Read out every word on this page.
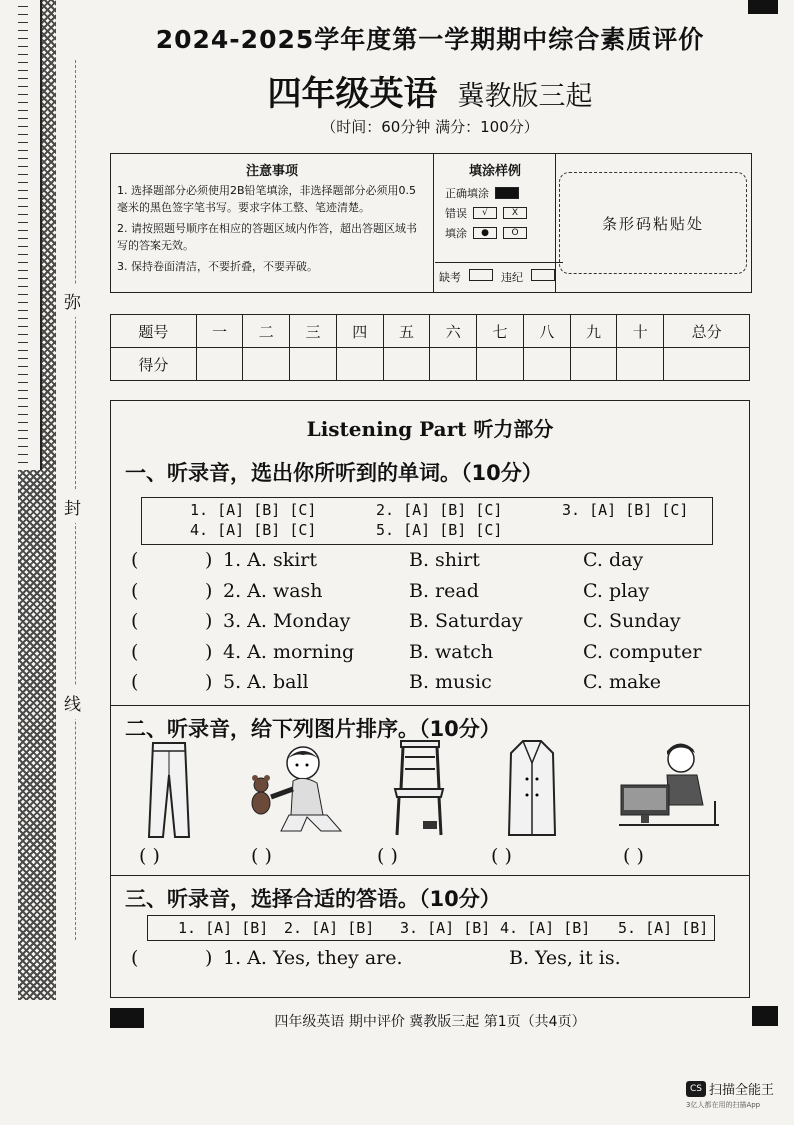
弥
封
线
2024-2025学年度第一学期期中综合素质评价
四年级英语 冀教版三起
（时间：60分钟 满分：100分）
注意事项

1. 选择题部分必须使用2B铅笔填涂，非选择题部分必须用0.5毫米的黑色签字笔书写。要求字体工整、笔迹清楚。

2. 请按照题号顺序在相应的答题区域内作答，超出答题区域书写的答案无效。

3. 保持卷面清洁，不要折叠，不要弄破。

填涂样例
正确填涂
错误	√	X
填涂	●	O
缺考	违纪
条形码粘贴处
题号	一	二	三	四	五	六	七	八	九	十	总分
得分											
Listening Part 听力部分
一、听录音，选出你所听到的单词。（10分）
1. [A] [B] [C]	2. [A] [B] [C]	3. [A] [B] [C]
4. [A] [B] [C]	5. [A] [B] [C]
(	) 1. A. skirt	B. shirt	C. day
(	) 2. A. wash	B. read	C. play
(	) 3. A. Monday	B. Saturday	C. Sunday
(	) 4. A. morning	B. watch	C. computer
(	) 5. A. ball	B. music	C. make
二、听录音，给下列图片排序。（10分）
( )	( )	( )	( )	( )
三、听录音，选择合适的答语。（10分）
1. [A] [B] 2. [A] [B] 3. [A] [B] 4. [A] [B] 5. [A] [B]
(	) 1. A. Yes, they are.	B. Yes, it is.
四年级英语 期中评价 冀教版三起 第1页（共4页）
CS 扫描全能王
3亿人都在用的扫描App
